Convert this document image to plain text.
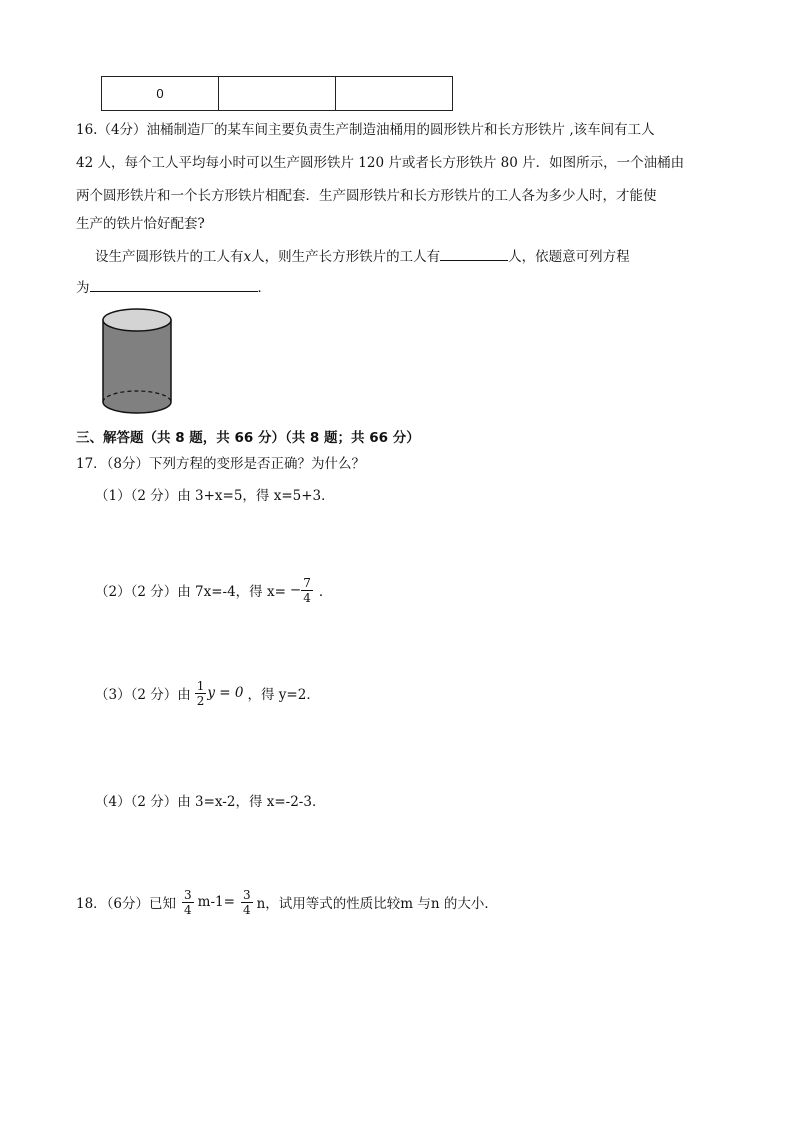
0		
16.（4分）油桶制造厂的某车间主要负责生产制造油桶用的圆形铁片和长方形铁片 ,该车间有工人
42 人，每个工人平均每小时可以生产圆形铁片 120 片或者长方形铁片 80 片．如图所示，一个油桶由
两个圆形铁片和一个长方形铁片相配套．生产圆形铁片和长方形铁片的工人各为多少人时，才能使
生产的铁片恰好配套?
设生产圆形铁片的工人有x人，则生产长方形铁片的工人有	人，依题意可列方程
为	．
三、解答题（共 8 题，共 66 分）（共 8 题；共 66 分）
17．（8分）下列方程的变形是否正确？为什么？
（1）（2 分）由 3+x=5，得 x=5+3．
（2）（2 分）由 7x=-4，得 $x= - \frac{7}{4}$ ．
（3）（2 分）由 $\frac{1}{2}$ y = 0 ，得 y=2．
（4）（2 分）由 3=x-2，得 x=-2-3．
18．（6分）已知 $\frac{3}{4} m-1= \frac{3}{4}$ n，试用等式的性质比较m 与n 的大小．
